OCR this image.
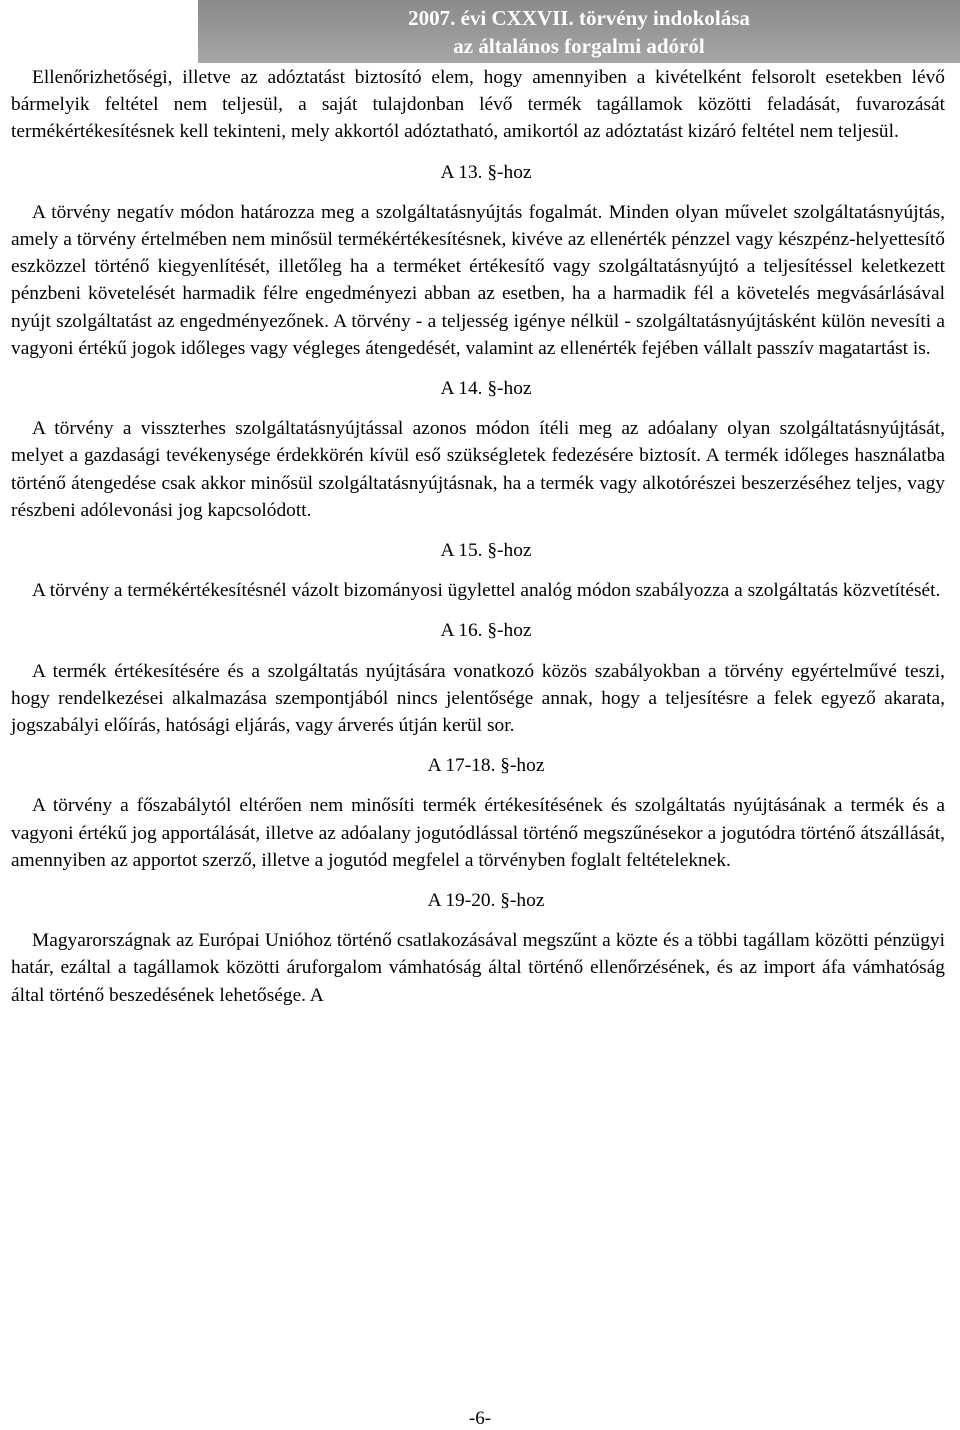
2007. évi CXXVII. törvény indokolása
az általános forgalmi adóról

Ellenőrizhetőségi, illetve az adóztatást biztosító elem, hogy amennyiben a kivételként felsorolt esetekben lévő bármelyik feltétel nem teljesül, a saját tulajdonban lévő termék tagállamok közötti feladását, fuvarozását termékértékesítésnek kell tekinteni, mely akkortól adóztatható, amikortól az adóztatást kizáró feltétel nem teljesül.

A 13. §-hoz

A törvény negatív módon határozza meg a szolgáltatásnyújtás fogalmát. Minden olyan művelet szolgáltatásnyújtás, amely a törvény értelmében nem minősül termékértékesítésnek, kivéve az ellenérték pénzzel vagy készpénz-helyettesítő eszközzel történő kiegyenlítését, illetőleg ha a terméket értékesítő vagy szolgáltatásnyújtó a teljesítéssel keletkezett pénzbeni követelését harmadik félre engedményezi abban az esetben, ha a harmadik fél a követelés megvásárlásával nyújt szolgáltatást az engedményezőnek. A törvény - a teljesség igénye nélkül - szolgáltatásnyújtásként külön nevesíti a vagyoni értékű jogok időleges vagy végleges átengedését, valamint az ellenérték fejében vállalt passzív magatartást is.

A 14. §-hoz

A törvény a visszterhes szolgáltatásnyújtással azonos módon ítéli meg az adóalany olyan szolgáltatásnyújtását, melyet a gazdasági tevékenysége érdekkörén kívül eső szükségletek fedezésére biztosít. A termék időleges használatba történő átengedése csak akkor minősül szolgáltatásnyújtásnak, ha a termék vagy alkotórészei beszerzéséhez teljes, vagy részbeni adólevonási jog kapcsolódott.

A 15. §-hoz

A törvény a termékértékesítésnél vázolt bizományosi ügylettel analóg módon szabályozza a szolgáltatás közvetítését.

A 16. §-hoz

A termék értékesítésére és a szolgáltatás nyújtására vonatkozó közös szabályokban a törvény egyértelművé teszi, hogy rendelkezései alkalmazása szempontjából nincs jelentősége annak, hogy a teljesítésre a felek egyező akarata, jogszabályi előírás, hatósági eljárás, vagy árverés útján kerül sor.

A 17-18. §-hoz

A törvény a főszabálytól eltérően nem minősíti termék értékesítésének és szolgáltatás nyújtásának a termék és a vagyoni értékű jog apportálását, illetve az adóalany jogutódlással történő megszűnésekor a jogutódra történő átszállását, amennyiben az apportot szerző, illetve a jogutód megfelel a törvényben foglalt feltételeknek.

A 19-20. §-hoz

Magyarországnak az Európai Unióhoz történő csatlakozásával megszűnt a közte és a többi tagállam közötti pénzügyi határ, ezáltal a tagállamok közötti áruforgalom vámhatóság által történő ellenőrzésének, és az import áfa vámhatóság által történő beszedésének lehetősége. A

-6-
